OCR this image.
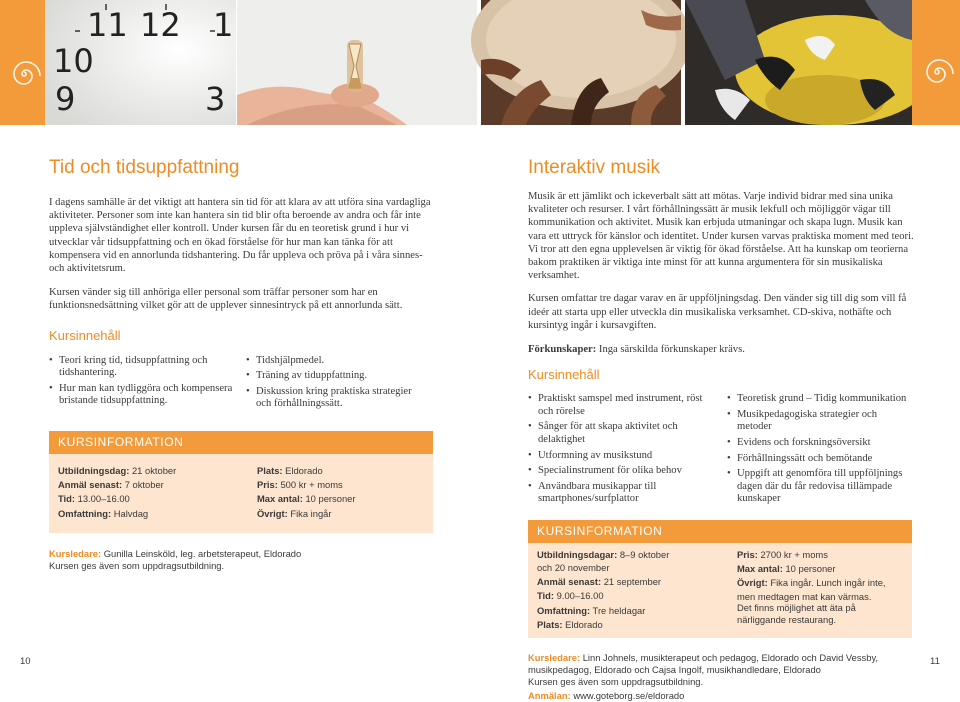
11 12 1
10
9	3
Tid och tidsuppfattning

I dagens samhälle är det viktigt att hantera sin tid för att klara av att utföra sina vardagliga aktiviteter. Personer som inte kan hantera sin tid blir ofta beroende av andra och får inte uppleva självständighet eller kontroll. Under kursen får du en teoretisk grund i hur vi utvecklar vår tidsuppfattning och en ökad förståelse för hur man kan tänka för att kompensera vid en annorlunda tidshantering. Du får uppleva och pröva på i våra sinnes- och aktivitetsrum.

Kursen vänder sig till anhöriga eller personal som träffar personer som har en funktionsnedsättning vilket gör att de upplever sinnesintryck på ett annorlunda sätt.

Kursinnehåll
• Teori kring tid, tidsuppfattning och tidshantering.
• Hur man kan tydliggöra och kompensera bristande tidsuppfattning.
• Tidshjälpmedel.
• Träning av tiduppfattning.
• Diskussion kring praktiska strategier och förhållningssätt.
KURSINFORMATION
Utbildningsdag: 21 oktober
Anmäl senast: 7 oktober
Tid: 13.00–16.00
Omfattning: Halvdag
Plats: Eldorado
Pris: 500 kr + moms
Max antal: 10 personer
Övrigt: Fika ingår
Kursledare: Gunilla Leinsköld, leg. arbetsterapeut, Eldorado
Kursen ges även som uppdragsutbildning.
Interaktiv musik

Musik är ett jämlikt och ickeverbalt sätt att mötas. Varje individ bidrar med sina unika kvaliteter och resurser. I vårt förhållningssätt är musik lekfull och möjliggör vägar till kommunikation och aktivitet. Musik kan erbjuda utmaningar och skapa lugn. Musik kan vara ett uttryck för känslor och identitet. Under kursen varvas praktiska moment med teori. Vi tror att den egna upplevelsen är viktig för ökad förståelse. Att ha kunskap om teorierna bakom praktiken är viktiga inte minst för att kunna argumentera för sin musikaliska verksamhet.

Kursen omfattar tre dagar varav en är uppföljningsdag. Den vänder sig till dig som vill få ideér att starta upp eller utveckla din musikaliska verksamhet. CD-skiva, nothäfte och kursintyg ingår i kursavgiften.

Förkunskaper: Inga särskilda förkunskaper krävs.

Kursinnehåll
• Praktiskt samspel med instrument, röst och rörelse
• Sånger för att skapa aktivitet och delaktighet
• Utformning av musikstund
• Specialinstrument för olika behov
• Användbara musikappar till smartphones/surfplattor
• Teoretisk grund – Tidig kommunikation
• Musikpedagogiska strategier och metoder
• Evidens och forskningsöversikt
• Förhållningssätt och bemötande
• Uppgift att genomföra till uppföljnings dagen där du får redovisa tillämpade kunskaper
KURSINFORMATION
Utbildningsdagar: 8–9 oktober
och 20 november
Anmäl senast: 21 september
Tid: 9.00–16.00
Omfattning: Tre heldagar
Plats: Eldorado
Pris: 2700 kr + moms
Max antal: 10 personer
Övrigt: Fika ingår. Lunch ingår inte,
men medtagen mat kan värmas.
Det finns möjlighet att äta på
närliggande restaurang.
Kursledare: Linn Johnels, musikterapeut och pedagog, Eldorado och David Vessby, musikpedagog, Eldorado och Cajsa Ingolf, musikhandledare, Eldorado
Kursen ges även som uppdragsutbildning.
Anmälan: www.goteborg.se/eldorado
10	11
